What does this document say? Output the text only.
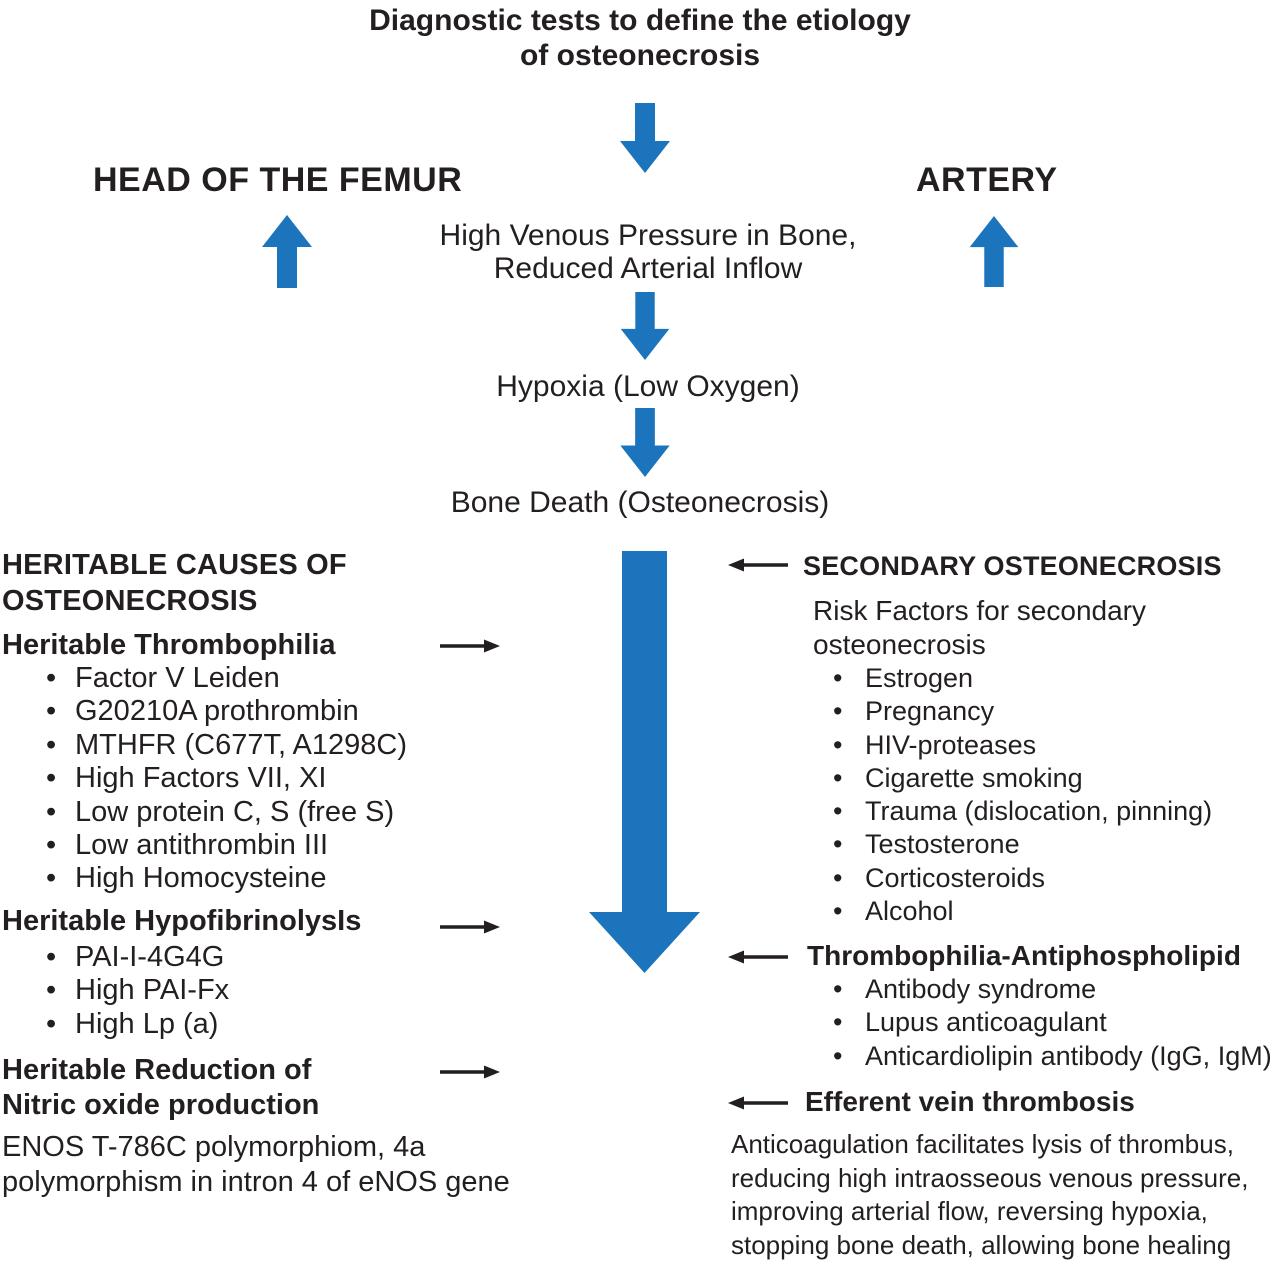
Diagnostic tests to define the etiology
of osteonecrosis
HEAD OF THE FEMUR	ARTERY
High Venous Pressure in Bone,
Reduced Arterial Inflow
Hypoxia (Low Oxygen)
Bone Death (Osteonecrosis)
HERITABLE CAUSES OF
OSTEONECROSIS
Heritable Thrombophilia
• Factor V Leiden
• G20210A prothrombin
• MTHFR (C677T, A1298C)
• High Factors VII, XI
• Low protein C, S (free S)
• Low antithrombin III
• High Homocysteine
Heritable HypofibrinolysIs
• PAI-I-4G4G
• High PAI-Fx
• High Lp (a)
Heritable Reduction of
Nitric oxide production
ENOS T-786C polymorphiom, 4a
polymorphism in intron 4 of eNOS gene
SECONDARY OSTEONECROSIS
Risk Factors for secondary
osteonecrosis
• Estrogen
• Pregnancy
• HIV-proteases
• Cigarette smoking
• Trauma (dislocation, pinning)
• Testosterone
• Corticosteroids
• Alcohol
Thrombophilia-Antiphospholipid
• Antibody syndrome
• Lupus anticoagulant
• Anticardiolipin antibody (IgG, IgM)
Efferent vein thrombosis
Anticoagulation facilitates lysis of thrombus,
reducing high intraosseous venous pressure,
improving arterial flow, reversing hypoxia,
stopping bone death, allowing bone healing
